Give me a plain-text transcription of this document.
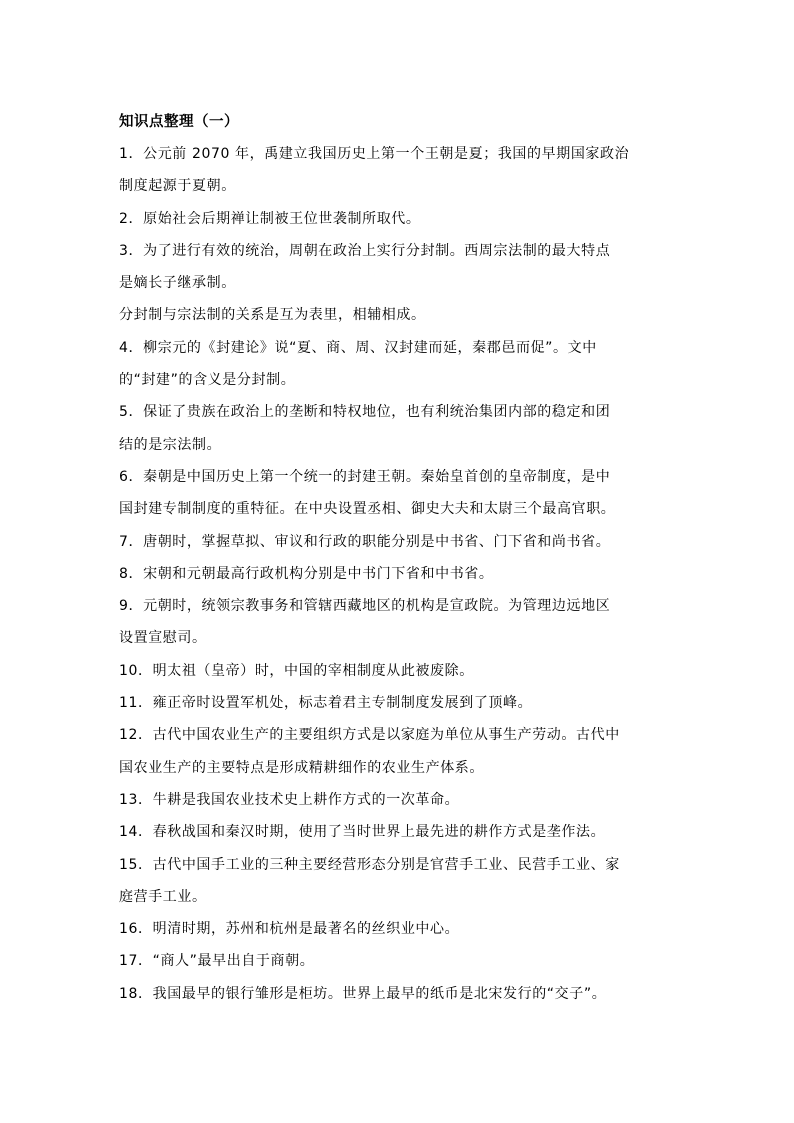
知识点整理（一）
1．公元前 2070 年，禹建立我国历史上第一个王朝是夏；我国的早期国家政治
制度起源于夏朝。
2．原始社会后期禅让制被王位世袭制所取代。
3．为了进行有效的统治，周朝在政治上实行分封制。西周宗法制的最大特点
是嫡长子继承制。
分封制与宗法制的关系是互为表里，相辅相成。
4．柳宗元的《封建论》说“夏、商、周、汉封建而延，秦郡邑而促”。文中
的“封建”的含义是分封制。
5．保证了贵族在政治上的垄断和特权地位，也有利统治集团内部的稳定和团
结的是宗法制。
6．秦朝是中国历史上第一个统一的封建王朝。秦始皇首创的皇帝制度，是中
国封建专制制度的重特征。在中央设置丞相、御史大夫和太尉三个最高官职。
7．唐朝时，掌握草拟、审议和行政的职能分别是中书省、门下省和尚书省。
8．宋朝和元朝最高行政机构分别是中书门下省和中书省。
9．元朝时，统领宗教事务和管辖西藏地区的机构是宣政院。为管理边远地区
设置宣慰司。
10．明太祖（皇帝）时，中国的宰相制度从此被废除。
11．雍正帝时设置军机处，标志着君主专制制度发展到了顶峰。
12．古代中国农业生产的主要组织方式是以家庭为单位从事生产劳动。古代中
国农业生产的主要特点是形成精耕细作的农业生产体系。
13．牛耕是我国农业技术史上耕作方式的一次革命。
14．春秋战国和秦汉时期，使用了当时世界上最先进的耕作方式是垄作法。
15．古代中国手工业的三种主要经营形态分别是官营手工业、民营手工业、家
庭营手工业。
16．明清时期，苏州和杭州是最著名的丝织业中心。
17．“商人”最早出自于商朝。
18．我国最早的银行雏形是柜坊。世界上最早的纸币是北宋发行的“交子”。
